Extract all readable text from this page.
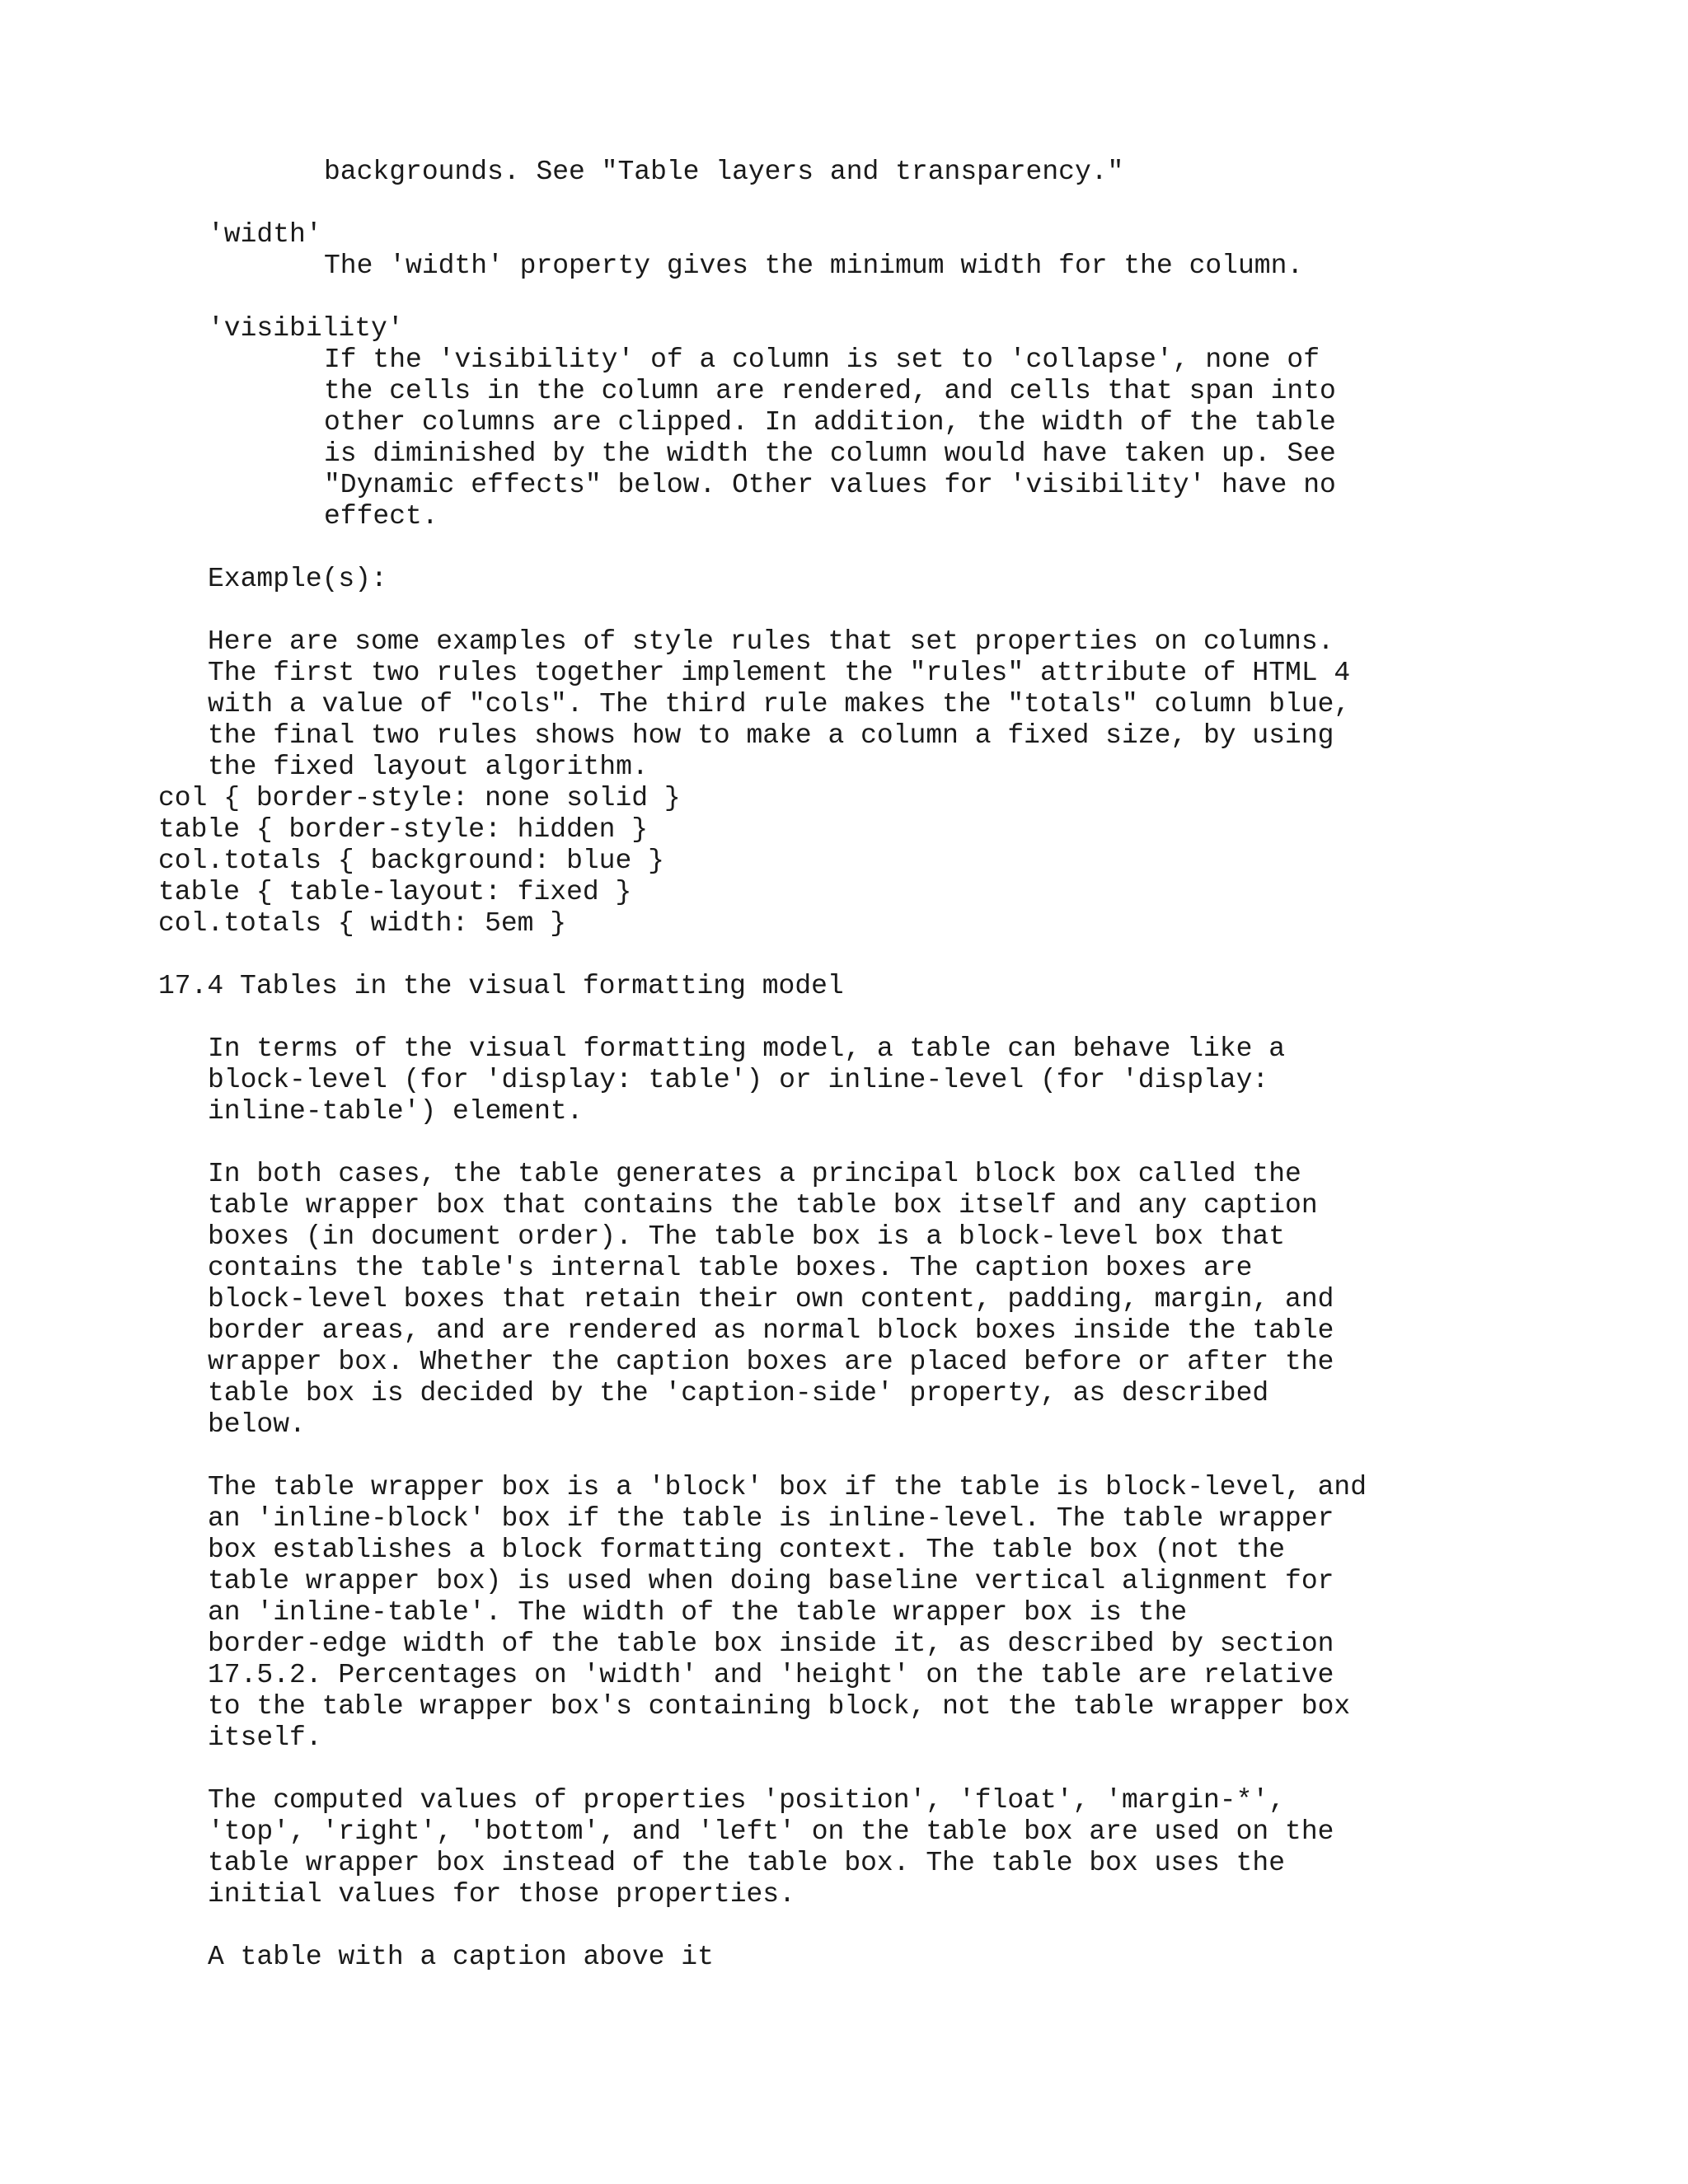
backgrounds. See "Table layers and transparency."

'width'

The 'width' property gives the minimum width for the column.

'visibility'

If the 'visibility' of a column is set to 'collapse', none of

the cells in the column are rendered, and cells that span into

other columns are clipped. In addition, the width of the table

is diminished by the width the column would have taken up. See

"Dynamic effects" below. Other values for 'visibility' have no

effect.

Example(s):

Here are some examples of style rules that set properties on columns.

The first two rules together implement the "rules" attribute of HTML 4

with a value of "cols". The third rule makes the "totals" column blue,

the final two rules shows how to make a column a fixed size, by using

the fixed layout algorithm.

col { border-style: none solid }

table { border-style: hidden }

col.totals { background: blue }

table { table-layout: fixed }

col.totals { width: 5em }

17.4 Tables in the visual formatting model

In terms of the visual formatting model, a table can behave like a

block-level (for 'display: table') or inline-level (for 'display:

inline-table') element.

In both cases, the table generates a principal block box called the

table wrapper box that contains the table box itself and any caption

boxes (in document order). The table box is a block-level box that

contains the table's internal table boxes. The caption boxes are

block-level boxes that retain their own content, padding, margin, and

border areas, and are rendered as normal block boxes inside the table

wrapper box. Whether the caption boxes are placed before or after the

table box is decided by the 'caption-side' property, as described

below.

The table wrapper box is a 'block' box if the table is block-level, and

an 'inline-block' box if the table is inline-level. The table wrapper

box establishes a block formatting context. The table box (not the

table wrapper box) is used when doing baseline vertical alignment for

an 'inline-table'. The width of the table wrapper box is the

border-edge width of the table box inside it, as described by section

17.5.2. Percentages on 'width' and 'height' on the table are relative

to the table wrapper box's containing block, not the table wrapper box

itself.

The computed values of properties 'position', 'float', 'margin-*',

'top', 'right', 'bottom', and 'left' on the table box are used on the

table wrapper box instead of the table box. The table box uses the

initial values for those properties.

A table with a caption above it
